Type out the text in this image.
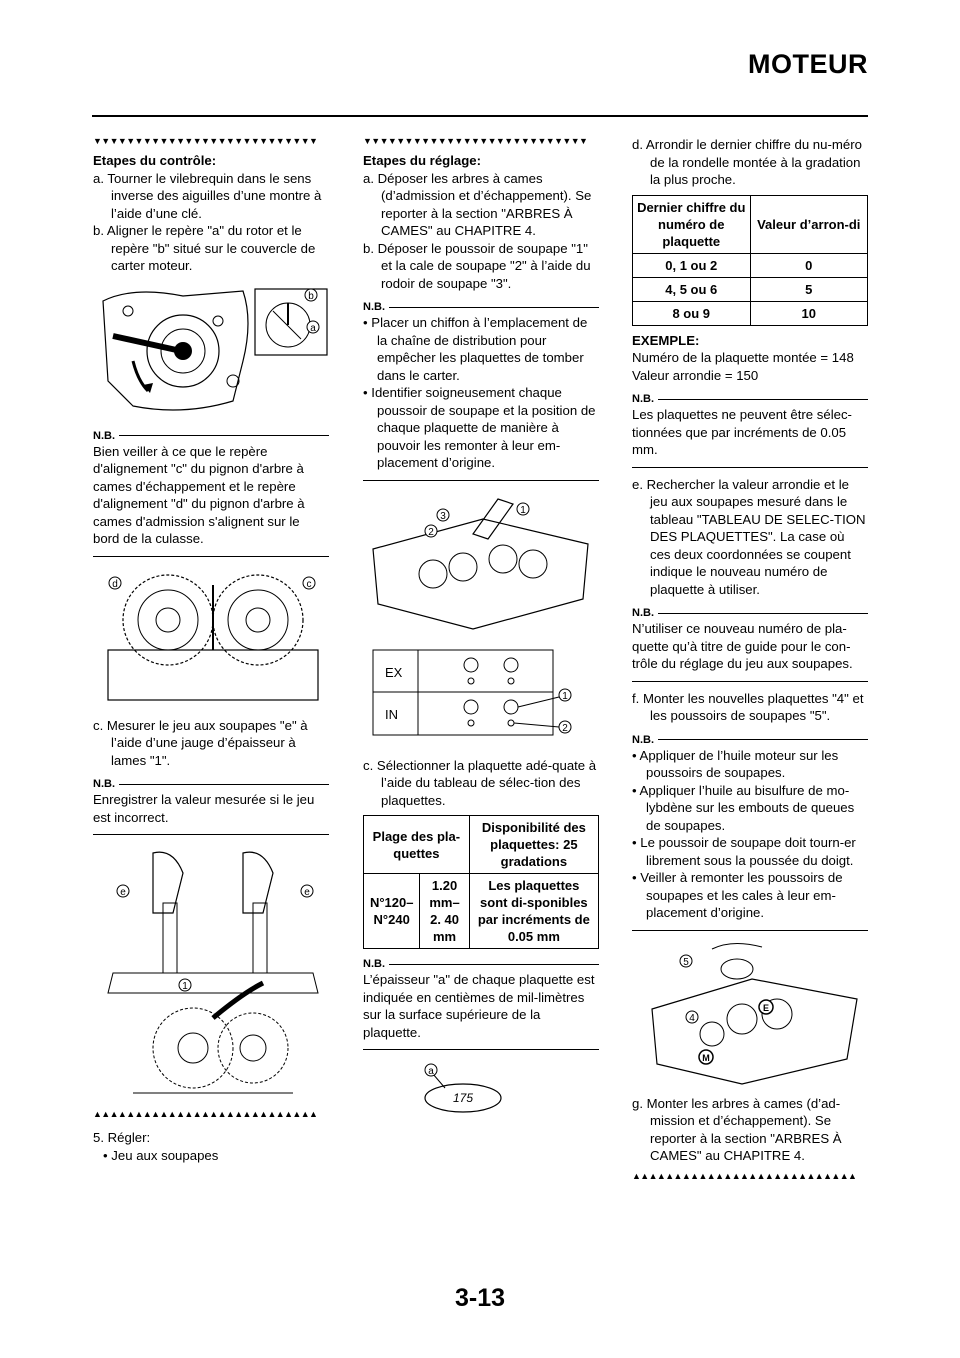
MOTEUR
▼▼▼▼▼▼▼▼▼▼▼▼▼▼▼▼▼▼▼▼▼▼▼▼▼▼▼

Etapes du contrôle:

a. Tourner le vilebrequin dans le sens inverse des aiguilles d’une montre à l’aide d’une clé.

b. Aligner le repère "a" du rotor et le repère "b" situé sur le couvercle de carter moteur.

b
a
N.B.

Bien veiller à ce que le repère d'alignement "c" du pignon d'arbre à cames d'échappement et le repère d'alignement "d" du pignon d'arbre à cames d'admission s'alignent sur le bord de la culasse.

d	c

c. Mesurer le jeu aux soupapes "e" à l’aide d’une jauge d’épaisseur à lames "1".

N.B.

Enregistrer la valeur mesurée si le jeu est incorrect.

e	e
1
▲▲▲▲▲▲▲▲▲▲▲▲▲▲▲▲▲▲▲▲▲▲▲▲▲▲▲

5. Régler:

• Jeu aux soupapes

▼▼▼▼▼▼▼▼▼▼▼▼▼▼▼▼▼▼▼▼▼▼▼▼▼▼▼

Etapes du réglage:

a. Déposer les arbres à cames (d’admission et d’échappement). Se reporter à la section "ARBRES À CAMES" au CHAPITRE 4.

b. Déposer le poussoir de soupape "1" et la cale de soupape "2" à l’aide du rodoir de soupape "3".

N.B.

• Placer un chiffon à l’emplacement de la chaîne de distribution pour empêcher les plaquettes de tomber dans le carter.

• Identifier soigneusement chaque poussoir de soupape et la position de chaque plaquette de manière à pouvoir les remonter à leur em-placement d’origine.

3
1
2
EX
IN
1
2

c. Sélectionner la plaquette adé-quate à l’aide du tableau de sélec-tion des plaquettes.

Plage des pla-quettes		Disponibilité des plaquettes: 25 gradations
N°120–N°240	1.20 mm–2. 40 mm	Les plaquettes sont di-sponibles par incréments de 0.05 mm
N.B.

L’épaisseur "a" de chaque plaquette est indiquée en centièmes de mil-limètres sur la surface supérieure de la plaquette.

175
a

d. Arrondir le dernier chiffre du nu-méro de la rondelle montée à la gradation la plus proche.

Dernier chiffre du numéro de plaquette	Valeur d’arron-di
0, 1 ou 2	0
4, 5 ou 6	5
8 ou 9	10

EXEMPLE:

Numéro de la plaquette montée = 148

Valeur arrondie = 150

N.B.

Les plaquettes ne peuvent être sélec-tionnées que par incréments de 0.05 mm.

e. Rechercher la valeur arrondie et le jeu aux soupapes mesuré dans le tableau "TABLEAU DE SELEC-TION DES PLAQUETTES". La case où ces deux coordonnées se coupent indique le nouveau numéro de plaquette à utiliser.

N.B.

N’utiliser ce nouveau numéro de pla-quette qu’à titre de guide pour le con-trôle du réglage du jeu aux soupapes.

f. Monter les nouvelles plaquettes "4" et les poussoirs de soupapes "5".

N.B.

• Appliquer de l’huile moteur sur les poussoirs de soupapes.

• Appliquer l’huile au bisulfure de mo-lybdène sur les embouts de queues de soupapes.

• Le poussoir de soupape doit tourn-er librement sous la poussée du doigt.

• Veiller à remonter les poussoirs de soupapes et les cales à leur em-placement d’origine.

5
4
E
M

g. Monter les arbres à cames (d’ad-mission et d’échappement). Se reporter à la section "ARBRES À CAMES" au CHAPITRE 4.

▲▲▲▲▲▲▲▲▲▲▲▲▲▲▲▲▲▲▲▲▲▲▲▲▲▲▲
3-13
